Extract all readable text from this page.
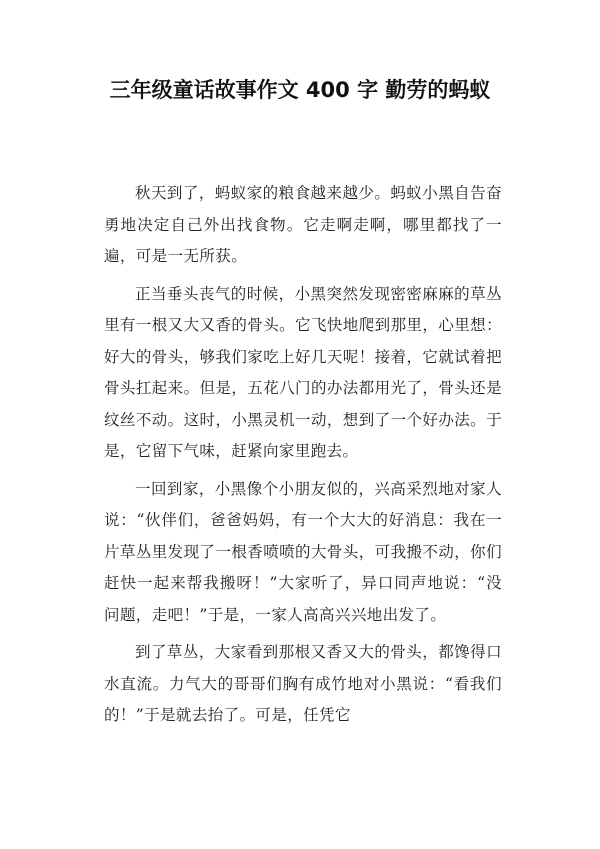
三年级童话故事作文 400 字 勤劳的蚂蚁

秋天到了，蚂蚁家的粮食越来越少。蚂蚁小黑自告奋勇地决定自己外出找食物。它走啊走啊，哪里都找了一遍，可是一无所获。

正当垂头丧气的时候，小黑突然发现密密麻麻的草丛里有一根又大又香的骨头。它飞快地爬到那里，心里想：好大的骨头，够我们家吃上好几天呢！接着，它就试着把骨头扛起来。但是，五花八门的办法都用光了，骨头还是纹丝不动。这时，小黑灵机一动，想到了一个好办法。于是，它留下气味，赶紧向家里跑去。

一回到家，小黑像个小朋友似的，兴高采烈地对家人说：“伙伴们，爸爸妈妈，有一个大大的好消息：我在一片草丛里发现了一根香喷喷的大骨头，可我搬不动，你们赶快一起来帮我搬呀！”大家听了，异口同声地说：“没问题，走吧！”于是，一家人高高兴兴地出发了。

到了草丛，大家看到那根又香又大的骨头，都馋得口水直流。力气大的哥哥们胸有成竹地对小黑说：“看我们的！”于是就去抬了。可是，任凭它
